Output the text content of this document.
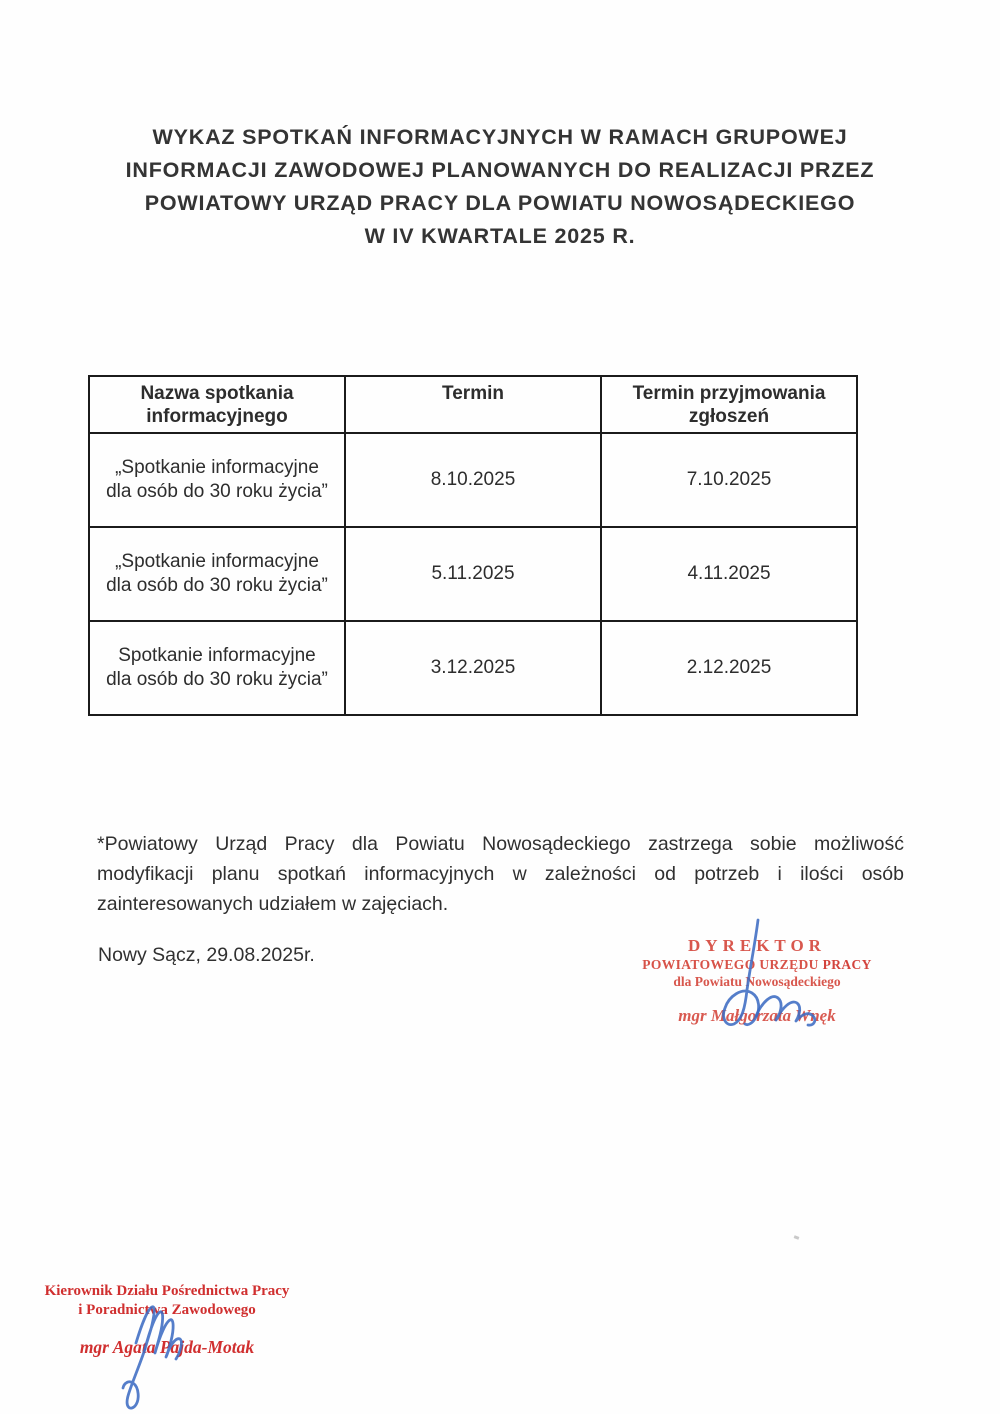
WYKAZ SPOTKAŃ INFORMACYJNYCH W RAMACH GRUPOWEJ
INFORMACJI ZAWODOWEJ PLANOWANYCH DO REALIZACJI PRZEZ
POWIATOWY URZĄD PRACY DLA POWIATU NOWOSĄDECKIEGO
W IV KWARTALE 2025 R.
Nazwa spotkania informacyjnego	Termin	Termin przyjmowania zgłoszeń

„Spotkanie informacyjne
dla osób do 30 roku życia”	8.10.2025	7.10.2025

„Spotkanie informacyjne
dla osób do 30 roku życia”	5.11.2025	4.11.2025

Spotkanie informacyjne
dla osób do 30 roku życia”	3.12.2025	2.12.2025
*Powiatowy Urząd Pracy dla Powiatu Nowosądeckiego zastrzega sobie możliwość modyfikacji planu spotkań informacyjnych w zależności od potrzeb i ilości osób zainteresowanych udziałem w zajęciach.
Nowy Sącz, 29.08.2025r.	DYREKTOR
POWIATOWEGO URZĘDU PRACY
dla Powiatu Nowosądeckiego
mgr Małgorzata Wnęk
Kierownik Działu Pośrednictwa Pracy
i Poradnictwa Zawodowego
mgr Agata Pajda-Motak
